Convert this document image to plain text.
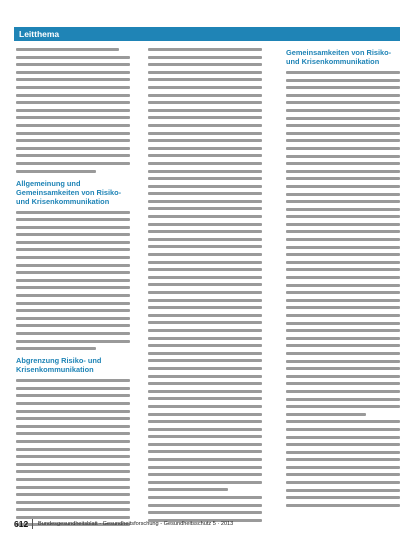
Leitthema
Allgemeinung und Gemeinsamkeiten von Risiko- und Krisenkommunikation
Abgrenzung Risiko- und Krisenkommunikation
Gemeinsamkeiten von Risiko- und Krisenkommunikation
612 Bundesgesundheitsblatt - Gesundheitsforschung - Gesundheitsschutz 5 · 2013
